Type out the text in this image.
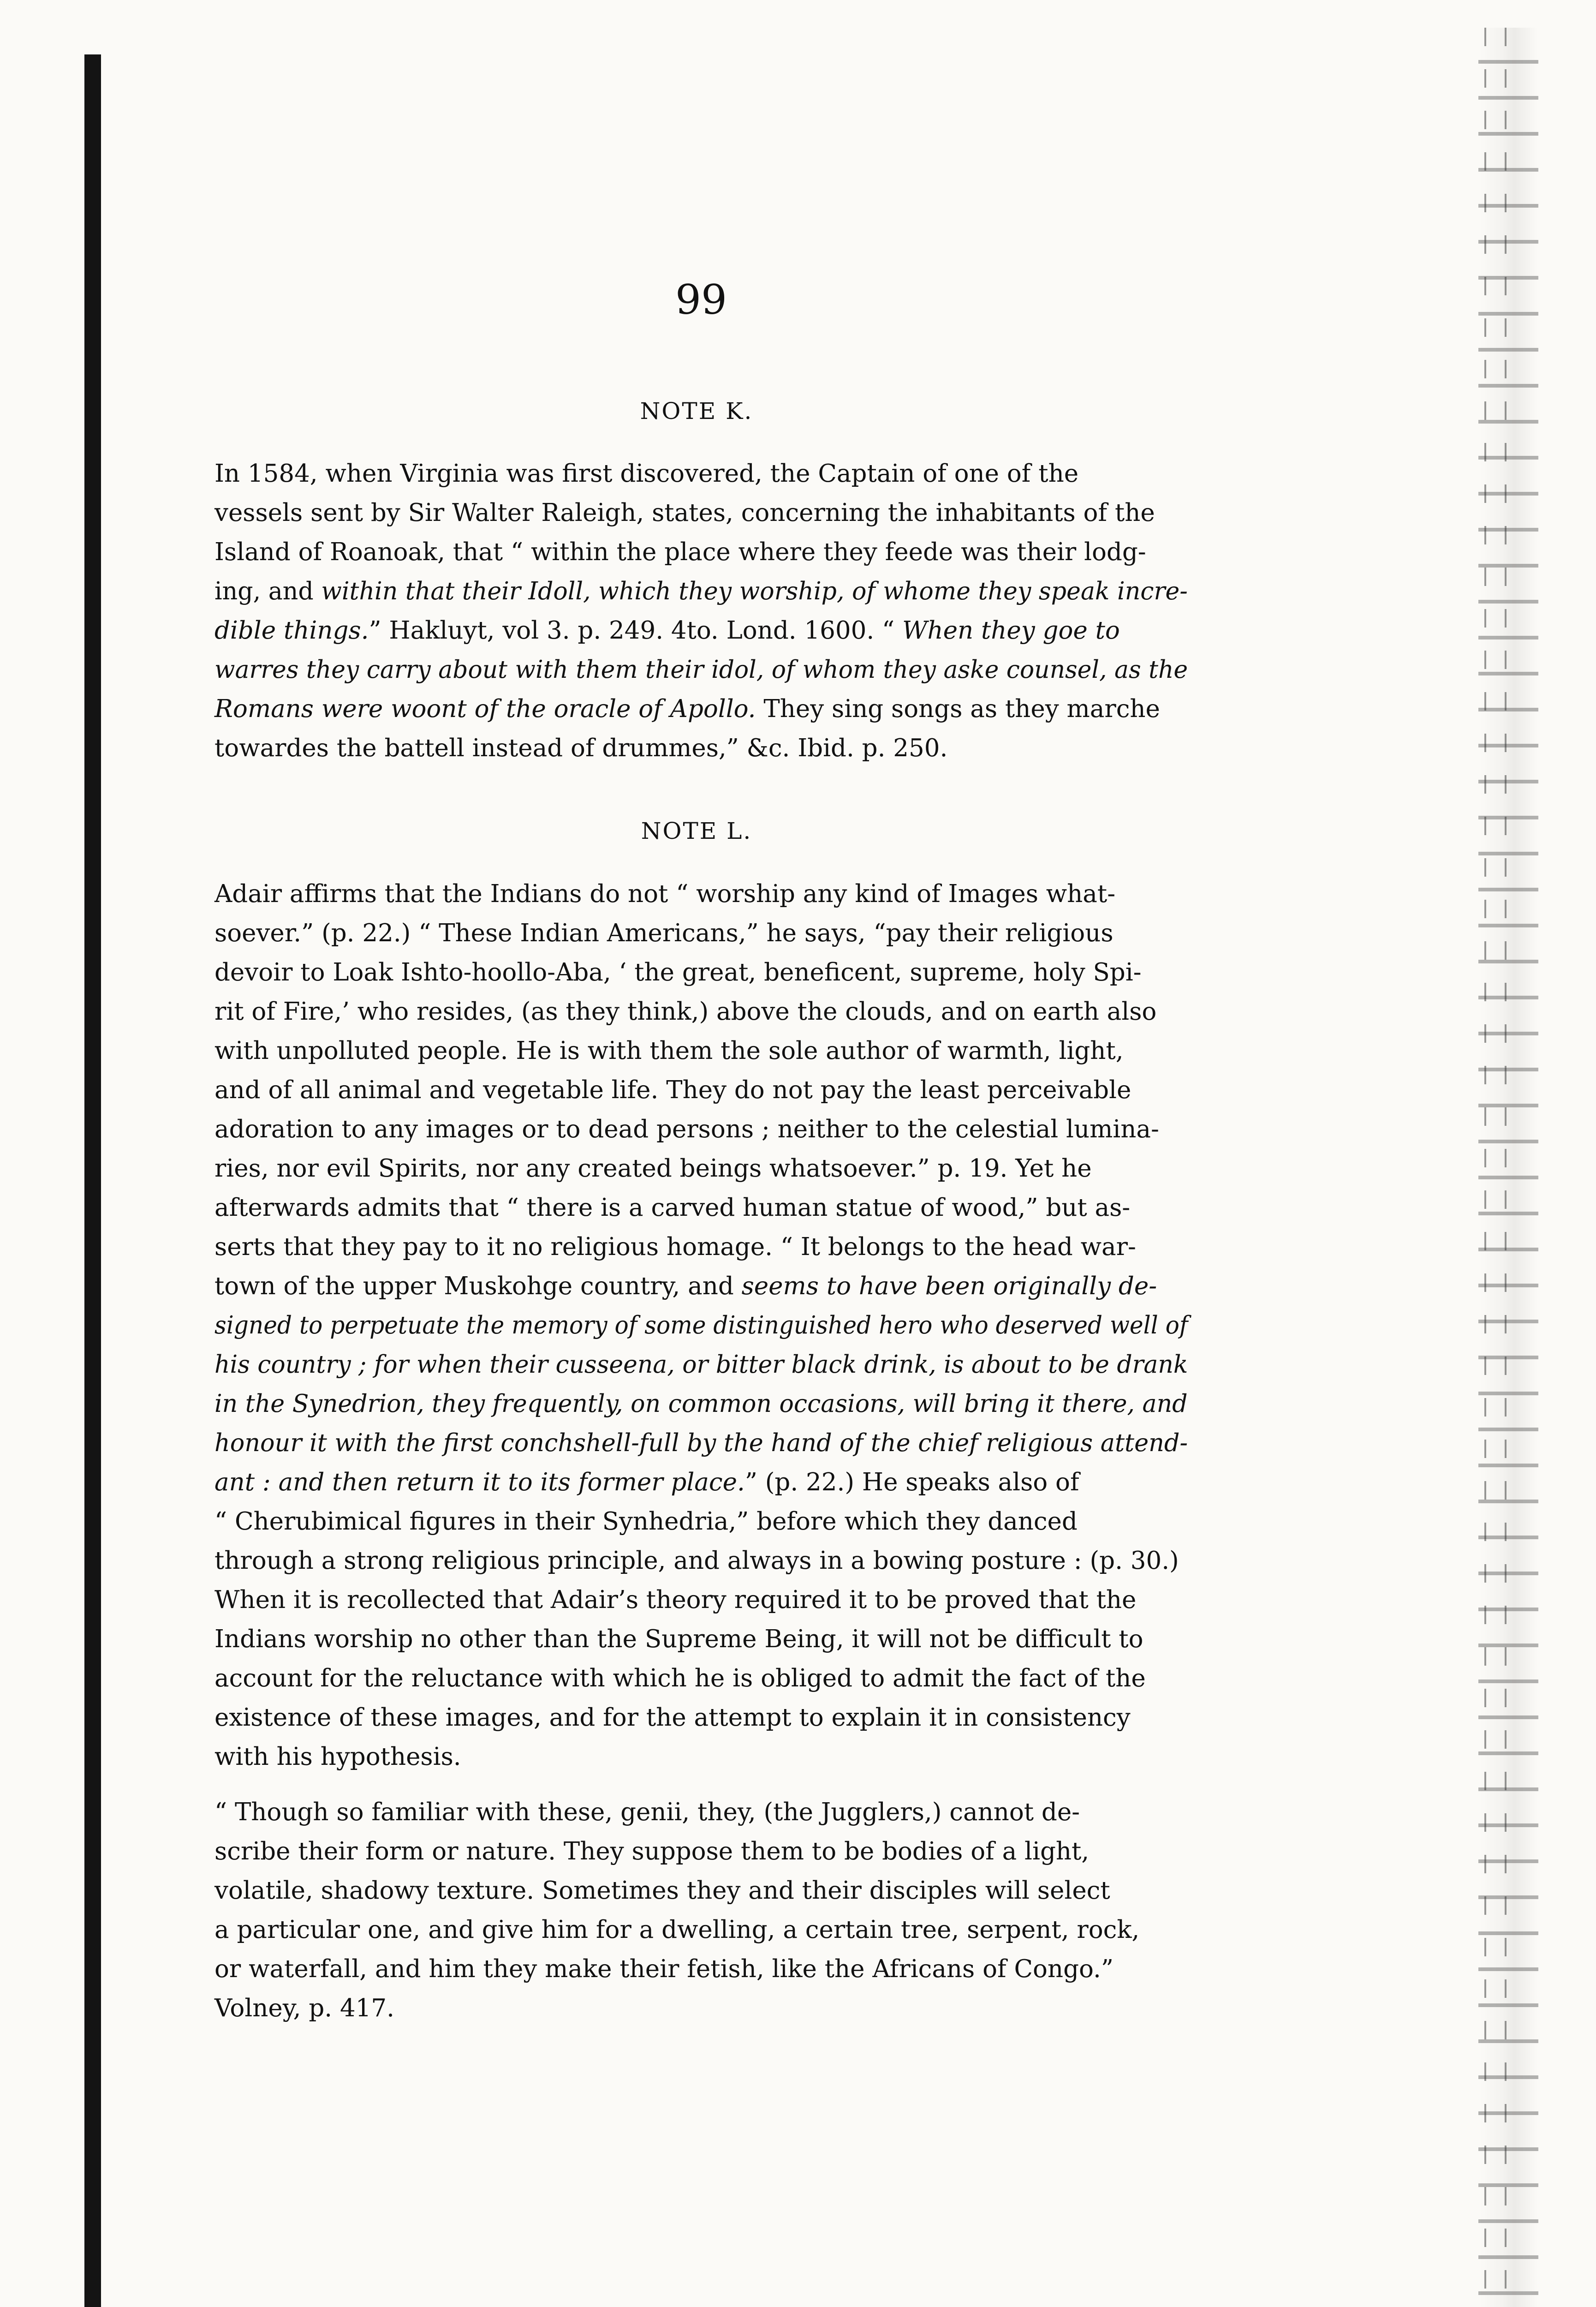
99
NOTE K.

In 1584, when Virginia was first discovered, the Captain of one of the
vessels sent by Sir Walter Raleigh, states, concerning the inhabitants of the
Island of Roanoak, that “ within the place where they feede was their lodg-
ing, and within that their Idoll, which they worship, of whome they speak incre-
dible things.” Hakluyt, vol 3. p. 249. 4to. Lond. 1600. “ When they goe to
warres they carry about with them their idol, of whom they aske counsel, as the
Romans were woont of the oracle of Apollo. They sing songs as they marche
towardes the battell instead of drummes,” &c. Ibid. p. 250.

NOTE L.

Adair affirms that the Indians do not “ worship any kind of Images what-
soever.” (p. 22.) “ These Indian Americans,” he says, “pay their religious
devoir to Loak Ishto-hoollo-Aba, ‘ the great, beneficent, supreme, holy Spi-
rit of Fire,’ who resides, (as they think,) above the clouds, and on earth also
with unpolluted people. He is with them the sole author of warmth, light,
and of all animal and vegetable life. They do not pay the least perceivable
adoration to any images or to dead persons ; neither to the celestial lumina-
ries, nor evil Spirits, nor any created beings whatsoever.” p. 19. Yet he
afterwards admits that “ there is a carved human statue of wood,” but as-
serts that they pay to it no religious homage. “ It belongs to the head war-
town of the upper Muskohge country, and seems to have been originally de-
signed to perpetuate the memory of some distinguished hero who deserved well of
his country ; for when their cusseena, or bitter black drink, is about to be drank
in the Synedrion, they frequently, on common occasions, will bring it there, and
honour it with the first conchshell-full by the hand of the chief religious attend-
ant : and then return it to its former place.” (p. 22.) He speaks also of
“ Cherubimical figures in their Synhedria,” before which they danced
through a strong religious principle, and always in a bowing posture : (p. 30.)
When it is recollected that Adair’s theory required it to be proved that the
Indians worship no other than the Supreme Being, it will not be difficult to
account for the reluctance with which he is obliged to admit the fact of the
existence of these images, and for the attempt to explain it in consistency
with his hypothesis.

“ Though so familiar with these, genii, they, (the Jugglers,) cannot de-
scribe their form or nature. They suppose them to be bodies of a light,
volatile, shadowy texture. Sometimes they and their disciples will select
a particular one, and give him for a dwelling, a certain tree, serpent, rock,
or waterfall, and him they make their fetish, like the Africans of Congo.”
Volney, p. 417.
